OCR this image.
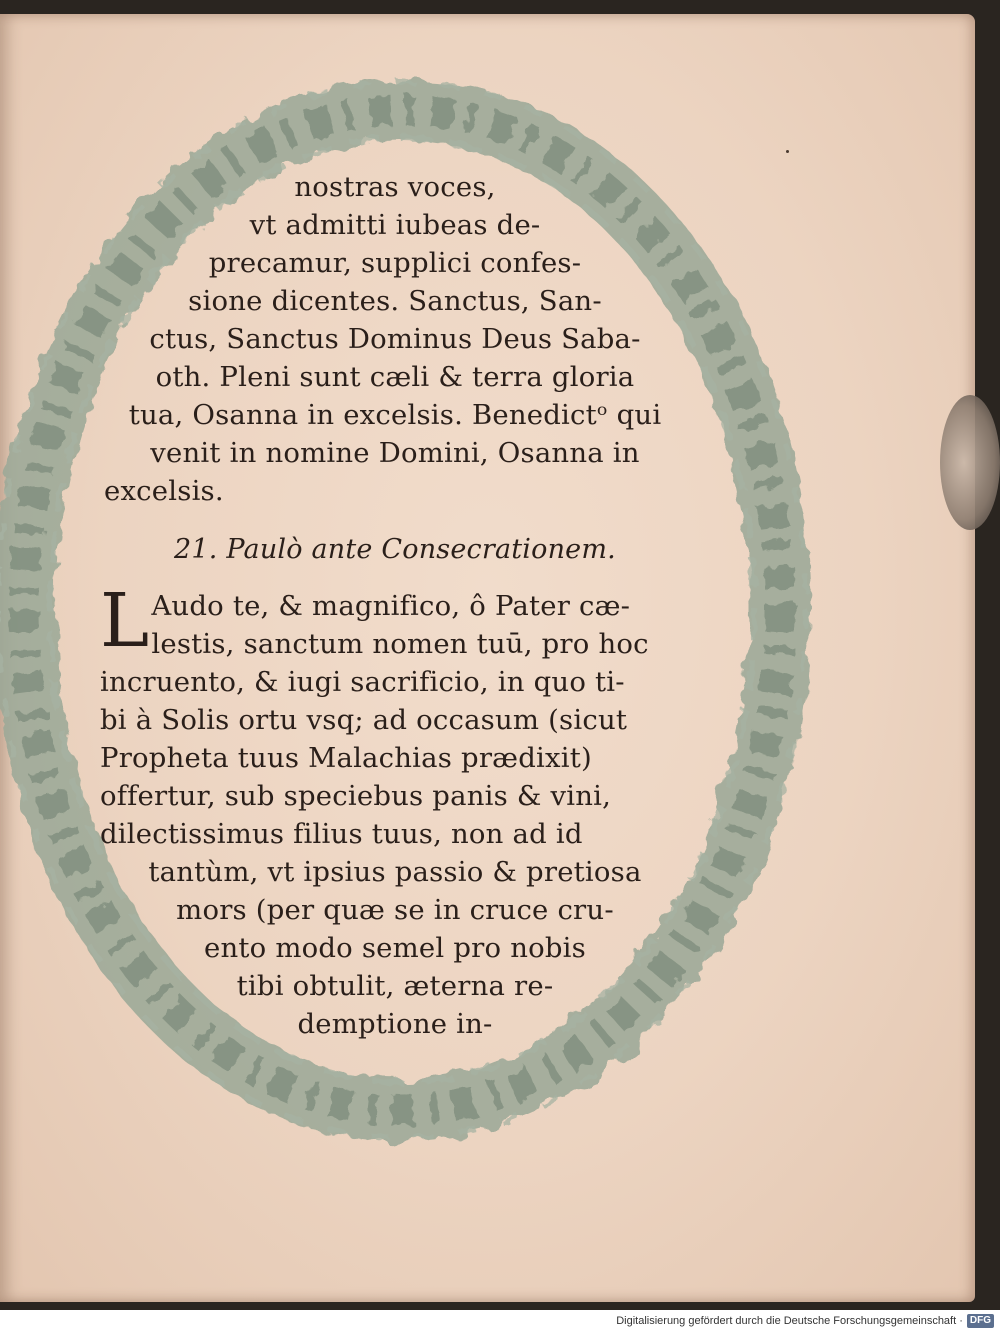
nostras voces,
vt admitti iubeas de-
precamur, supplici confes-
sione dicentes. Sanctus, San-
ctus, Sanctus Dominus Deus Saba-
oth. Pleni sunt cæli & terra gloria
tua, Osanna in excelsis. Benedictᵒ qui
venit in nomine Domini, Osanna in
excelsis.
21. Paulò ante Consecrationem.
L Audo te, & magnifico, ô Pater cæ-
lestis, sanctum nomen tuū, pro hoc
incruento, & iugi sacrificio, in quo ti-
bi à Solis ortu vsq; ad occasum (sicut
Propheta tuus Malachias prædixit)
offertur, sub speciebus panis & vini,
dilectissimus filius tuus, non ad id
tantùm, vt ipsius passio & pretiosa
mors (per quæ se in cruce cru-
ento modo semel pro nobis
tibi obtulit, æterna re-
demptione in-
Digitalisierung gefördert durch die Deutsche Forschungsgemeinschaft · DFG
